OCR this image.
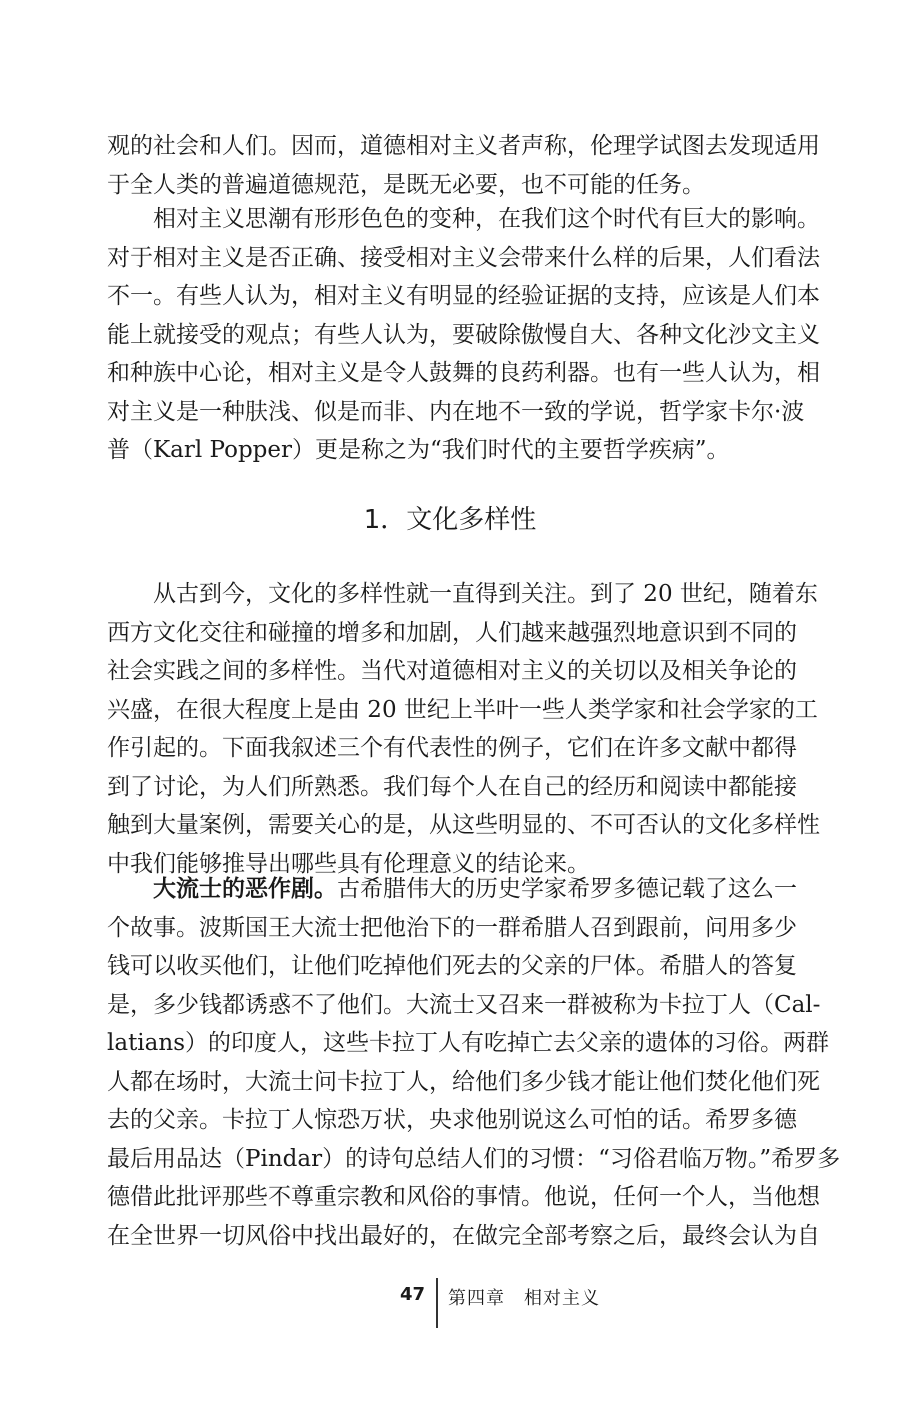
观的社会和人们。因而，道德相对主义者声称，伦理学试图去发现适用
于全人类的普遍道德规范，是既无必要，也不可能的任务。
相对主义思潮有形形色色的变种，在我们这个时代有巨大的影响。
对于相对主义是否正确、接受相对主义会带来什么样的后果，人们看法
不一。有些人认为，相对主义有明显的经验证据的支持，应该是人们本
能上就接受的观点；有些人认为，要破除傲慢自大、各种文化沙文主义
和种族中心论，相对主义是令人鼓舞的良药利器。也有一些人认为，相
对主义是一种肤浅、似是而非、内在地不一致的学说，哲学家卡尔·波
普（Karl Popper）更是称之为“我们时代的主要哲学疾病”。
1．文化多样性
从古到今，文化的多样性就一直得到关注。到了 20 世纪，随着东
西方文化交往和碰撞的增多和加剧，人们越来越强烈地意识到不同的
社会实践之间的多样性。当代对道德相对主义的关切以及相关争论的
兴盛，在很大程度上是由 20 世纪上半叶一些人类学家和社会学家的工
作引起的。下面我叙述三个有代表性的例子，它们在许多文献中都得
到了讨论，为人们所熟悉。我们每个人在自己的经历和阅读中都能接
触到大量案例，需要关心的是，从这些明显的、不可否认的文化多样性
中我们能够推导出哪些具有伦理意义的结论来。
大流士的恶作剧。古希腊伟大的历史学家希罗多德记载了这么一
个故事。波斯国王大流士把他治下的一群希腊人召到跟前，问用多少
钱可以收买他们，让他们吃掉他们死去的父亲的尸体。希腊人的答复
是，多少钱都诱惑不了他们。大流士又召来一群被称为卡拉丁人（Cal-
latians）的印度人，这些卡拉丁人有吃掉亡去父亲的遗体的习俗。两群
人都在场时，大流士问卡拉丁人，给他们多少钱才能让他们焚化他们死
去的父亲。卡拉丁人惊恐万状，央求他别说这么可怕的话。希罗多德
最后用品达（Pindar）的诗句总结人们的习惯：“习俗君临万物。”希罗多
德借此批评那些不尊重宗教和风俗的事情。他说，任何一个人，当他想
在全世界一切风俗中找出最好的，在做完全部考察之后，最终会认为自
47 第四章　相对主义
